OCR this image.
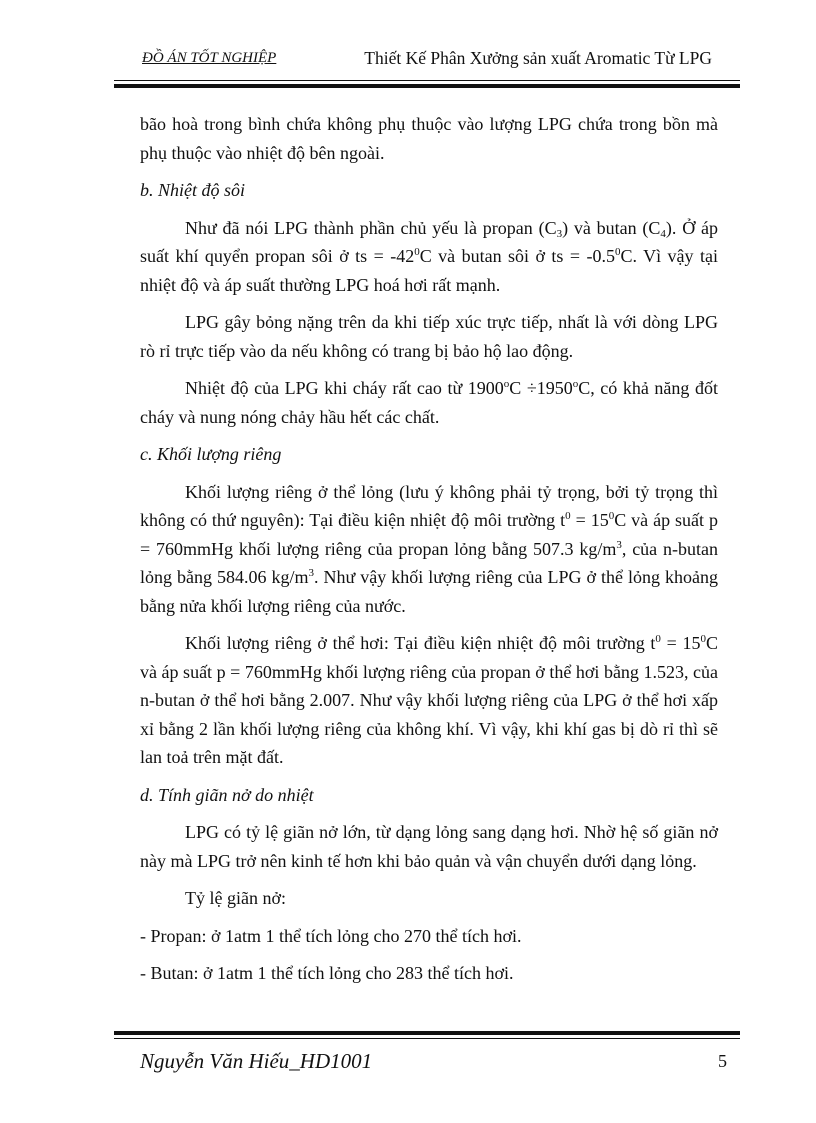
ĐỒ ÁN TỐT NGHIỆP	Thiết Kế Phân Xưởng sản xuất Aromatic Từ LPG

bão hoà trong bình chứa không phụ thuộc vào lượng LPG chứa trong bồn mà phụ thuộc vào nhiệt độ bên ngoài.

b. Nhiệt độ sôi

Như đã nói LPG thành phần chủ yếu là propan $(C_3)$ và butan $(C_4)$. Ở áp suất khí quyển propan sôi ở ts = $-42^0C$ và butan sôi ở ts = $-0.5^0C$. Vì vậy tại nhiệt độ và áp suất thường LPG hoá hơi rất mạnh.

LPG gây bỏng nặng trên da khi tiếp xúc trực tiếp, nhất là với dòng LPG rò rỉ trực tiếp vào da nếu không có trang bị bảo hộ lao động.

Nhiệt độ của LPG khi cháy rất cao từ $1900^oC \div 1950^oC$, có khả năng đốt cháy và nung nóng chảy hầu hết các chất.

c. Khối lượng riêng

Khối lượng riêng ở thể lỏng (lưu ý không phải tỷ trọng, bởi tỷ trọng thì không có thứ nguyên): Tại điều kiện nhiệt độ môi trường $t^0 = 15^0C$ và áp suất p = 760mmHg khối lượng riêng của propan lỏng bằng 507.3 $kg/m^3$, của n-butan lỏng bằng 584.06 $kg/m^3$. Như vậy khối lượng riêng của LPG ở thể lỏng khoảng bằng nửa khối lượng riêng của nước.

Khối lượng riêng ở thể hơi: Tại điều kiện nhiệt độ môi trường $t^0 = 15^0C$ và áp suất p = 760mmHg khối lượng riêng của propan ở thể hơi bằng 1.523, của n-butan ở thể hơi bằng 2.007. Như vậy khối lượng riêng của LPG ở thể hơi xấp xỉ bằng 2 lần khối lượng riêng của không khí. Vì vậy, khi khí gas bị dò rỉ thì sẽ lan toả trên mặt đất.

d. Tính giãn nở do nhiệt

LPG có tỷ lệ giãn nở lớn, từ dạng lỏng sang dạng hơi. Nhờ hệ số giãn nở này mà LPG trở nên kinh tế hơn khi bảo quản và vận chuyển dưới dạng lỏng.

Tỷ lệ giãn nở:

- Propan: ở 1atm 1 thể tích lỏng cho 270 thể tích hơi.

- Butan: ở 1atm 1 thể tích lỏng cho 283 thể tích hơi.

Nguyễn Văn Hiếu_HD1001	5
